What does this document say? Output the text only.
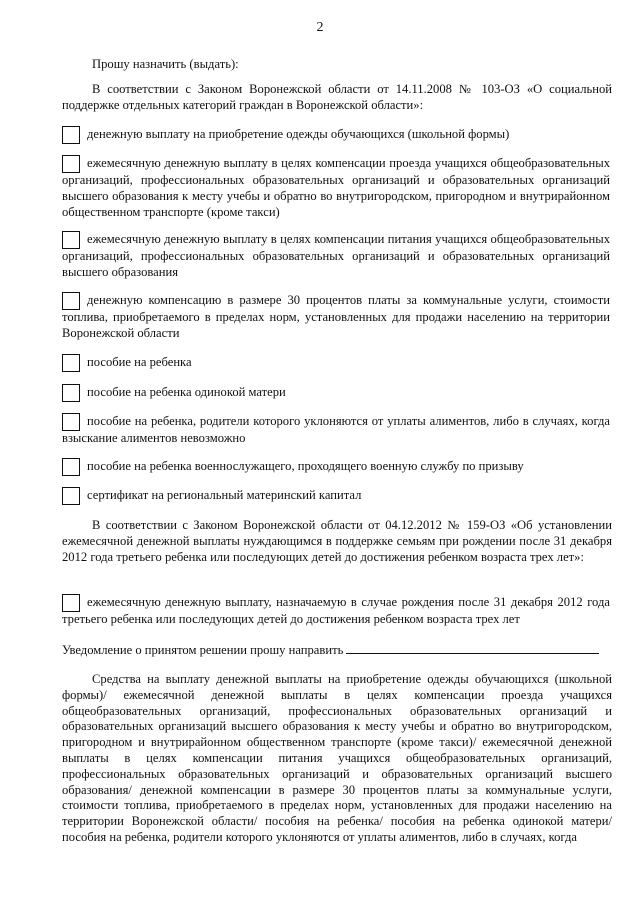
2

Прошу назначить (выдать):

В соответствии с Законом Воронежской области от 14.11.2008 № 103-ОЗ «О социальной поддержке отдельных категорий граждан в Воронежской области»:

денежную выплату на приобретение одежды обучающихся (школьной формы)
ежемесячную денежную выплату в целях компенсации проезда учащихся общеобразовательных организаций, профессиональных образовательных организаций и образовательных организаций высшего образования к месту учебы и обратно во внутригородском, пригородном и внутрирайонном общественном транспорте (кроме такси)
ежемесячную денежную выплату в целях компенсации питания учащихся общеобразовательных организаций, профессиональных образовательных организаций и образовательных организаций высшего образования
денежную компенсацию в размере 30 процентов платы за коммунальные услуги, стоимости топлива, приобретаемого в пределах норм, установленных для продажи населению на территории Воронежской области
пособие на ребенка
пособие на ребенка одинокой матери
пособие на ребенка, родители которого уклоняются от уплаты алиментов, либо в случаях, когда взыскание алиментов невозможно
пособие на ребенка военнослужащего, проходящего военную службу по призыву
сертификат на региональный материнский капитал

В соответствии с Законом Воронежской области от 04.12.2012 № 159-ОЗ «Об установлении ежемесячной денежной выплаты нуждающимся в поддержке семьям при рождении после 31 декабря 2012 года третьего ребенка или последующих детей до достижения ребенком возраста трех лет»:

ежемесячную денежную выплату, назначаемую в случае рождения после 31 декабря 2012 года третьего ребенка или последующих детей до достижения ребенком возраста трех лет
Уведомление о принятом решении прошу направить

Средства на выплату денежной выплаты на приобретение одежды обучающихся (школьной формы)/ ежемесячной денежной выплаты в целях компенсации проезда учащихся общеобразовательных организаций, профессиональных образовательных организаций и образовательных организаций высшего образования к месту учебы и обратно во внутригородском, пригородном и внутрирайонном общественном транспорте (кроме такси)/ ежемесячной денежной выплаты в целях компенсации питания учащихся общеобразовательных организаций, профессиональных образовательных организаций и образовательных организаций высшего образования/ денежной компенсации в размере 30 процентов платы за коммунальные услуги, стоимости топлива, приобретаемого в пределах норм, установленных для продажи населению на территории Воронежской области/ пособия на ребенка/ пособия на ребенка одинокой матери/ пособия на ребенка, родители которого уклоняются от уплаты алиментов, либо в случаях, когда
